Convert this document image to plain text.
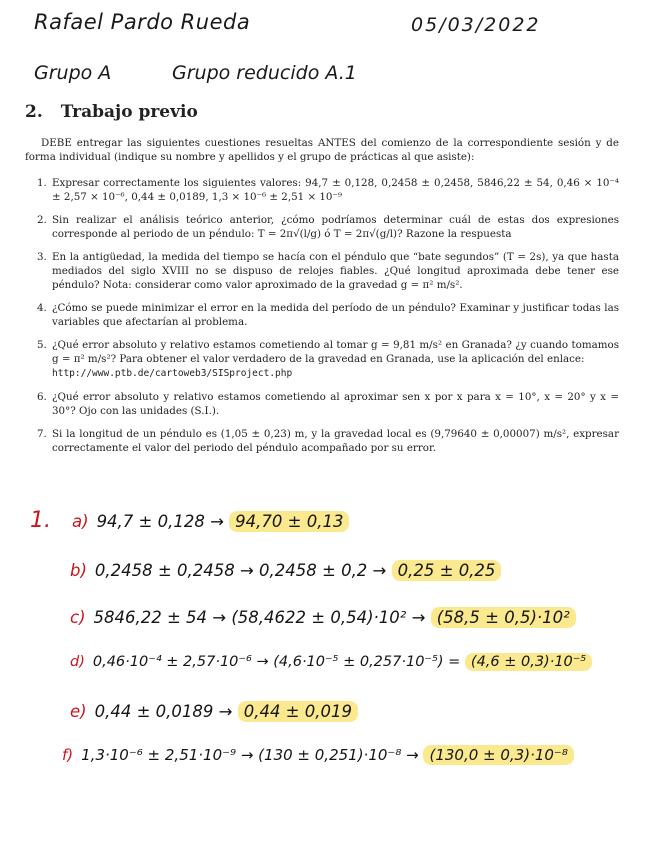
Rafael Pardo Rueda	05/03/2022
Grupo A	Grupo reducido A.1
2. Trabajo previo

DEBE entregar las siguientes cuestiones resueltas ANTES del comienzo de la correspondiente sesión y de forma individual (indique su nombre y apellidos y el grupo de prácticas al que asiste):

1. Expresar correctamente los siguientes valores: 94,7 ± 0,128, 0,2458 ± 0,2458, 5846,22 ± 54, 0,46 × 10⁻⁴ ± 2,57 × 10⁻⁶, 0,44 ± 0,0189, 1,3 × 10⁻⁶ ± 2,51 × 10⁻⁹
2. Sin realizar el análisis teórico anterior, ¿cómo podríamos determinar cuál de estas dos expresiones corresponde al periodo de un péndulo: T = 2π√(l/g) ó T = 2π√(g/l)? Razone la respuesta
3. En la antigüedad, la medida del tiempo se hacía con el péndulo que “bate segundos” (T = 2s), ya que hasta mediados del siglo XVIII no se dispuso de relojes fiables. ¿Qué longitud aproximada debe tener ese péndulo? Nota: considerar como valor aproximado de la gravedad g = π² m/s².
4. ¿Cómo se puede minimizar el error en la medida del período de un péndulo? Examinar y justificar todas las variables que afectarían al problema.
5. ¿Qué error absoluto y relativo estamos cometiendo al tomar g = 9,81 m/s² en Granada? ¿y cuando tomamos g = π² m/s²? Para obtener el valor verdadero de la gravedad en Granada, use la aplicación del enlace:
http://www.ptb.de/cartoweb3/SISproject.php
6. ¿Qué error absoluto y relativo estamos cometiendo al aproximar sen x por x para x = 10°, x = 20° y x = 30°? Ojo con las unidades (S.I.).
7. Si la longitud de un péndulo es (1,05 ± 0,23) m, y la gravedad local es (9,79640 ± 0,00007) m/s², expresar correctamente el valor del periodo del péndulo acompañado por su error.
1. a) 94,7 ± 0,128 → 94,70 ± 0,13
b) 0,2458 ± 0,2458 → 0,2458 ± 0,2 → 0,25 ± 0,25
c) 5846,22 ± 54 → (58,4622 ± 0,54)·10² → (58,5 ± 0,5)·10²
d) 0,46·10⁻⁴ ± 2,57·10⁻⁶ → (4,6·10⁻⁵ ± 0,257·10⁻⁵) = (4,6 ± 0,3)·10⁻⁵
e) 0,44 ± 0,0189 → 0,44 ± 0,019
f) 1,3·10⁻⁶ ± 2,51·10⁻⁹ → (130 ± 0,251)·10⁻⁸ → (130,0 ± 0,3)·10⁻⁸
